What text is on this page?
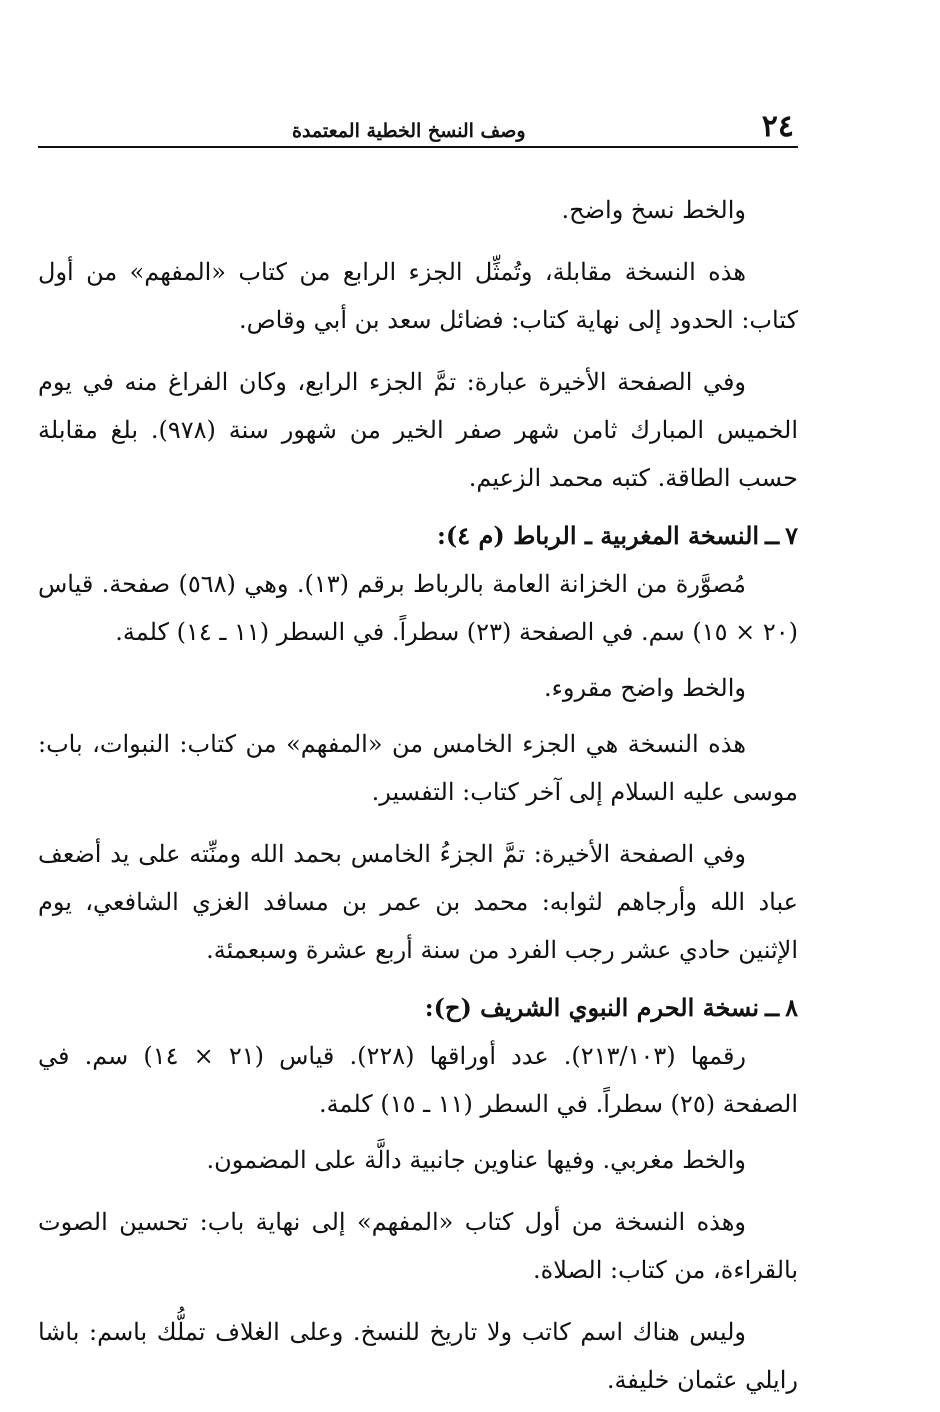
٢٤
وصف النسخ الخطية المعتمدة

والخط نسخ واضح.

هذه النسخة مقابلة، وتُمثِّل الجزء الرابع من كتاب «المفهم» من أول كتاب: الحدود إلى نهاية كتاب: فضائل سعد بن أبي وقاص.

وفي الصفحة الأخيرة عبارة: تمَّ الجزء الرابع، وكان الفراغ منه في يوم الخميس المبارك ثامن شهر صفر الخير من شهور سنة (٩٧٨). بلغ مقابلة حسب الطاقة. كتبه محمد الزعيم.

٧ــالنسخة المغربية ـ الرباط (م ٤):

مُصوَّرة من الخزانة العامة بالرباط برقم (١٣). وهي (٥٦٨) صفحة. قياس (٢٠ × ١٥) سم. في الصفحة (٢٣) سطراً. في السطر (١١ ـ ١٤) كلمة.

والخط واضح مقروء.

هذه النسخة هي الجزء الخامس من «المفهم» من كتاب: النبوات، باب: موسى عليه السلام إلى آخر كتاب: التفسير.

وفي الصفحة الأخيرة: تمَّ الجزءُ الخامس بحمد الله ومنِّته على يد أضعف عباد الله وأرجاهم لثوابه: محمد بن عمر بن مسافد الغزي الشافعي، يوم الإثنين حادي عشر رجب الفرد من سنة أربع عشرة وسبعمئة.

٨ــنسخة الحرم النبوي الشريف (ح):

رقمها (٢١٣/١٠٣). عدد أوراقها (٢٢٨). قياس (٢١ × ١٤) سم. في الصفحة (٢٥) سطراً. في السطر (١١ ـ ١٥) كلمة.

والخط مغربي. وفيها عناوين جانبية دالَّة على المضمون.

وهذه النسخة من أول كتاب «المفهم» إلى نهاية باب: تحسين الصوت بالقراءة، من كتاب: الصلاة.

وليس هناك اسم كاتب ولا تاريخ للنسخ. وعلى الغلاف تملُّك باسم: باشا رايلي عثمان خليفة.
